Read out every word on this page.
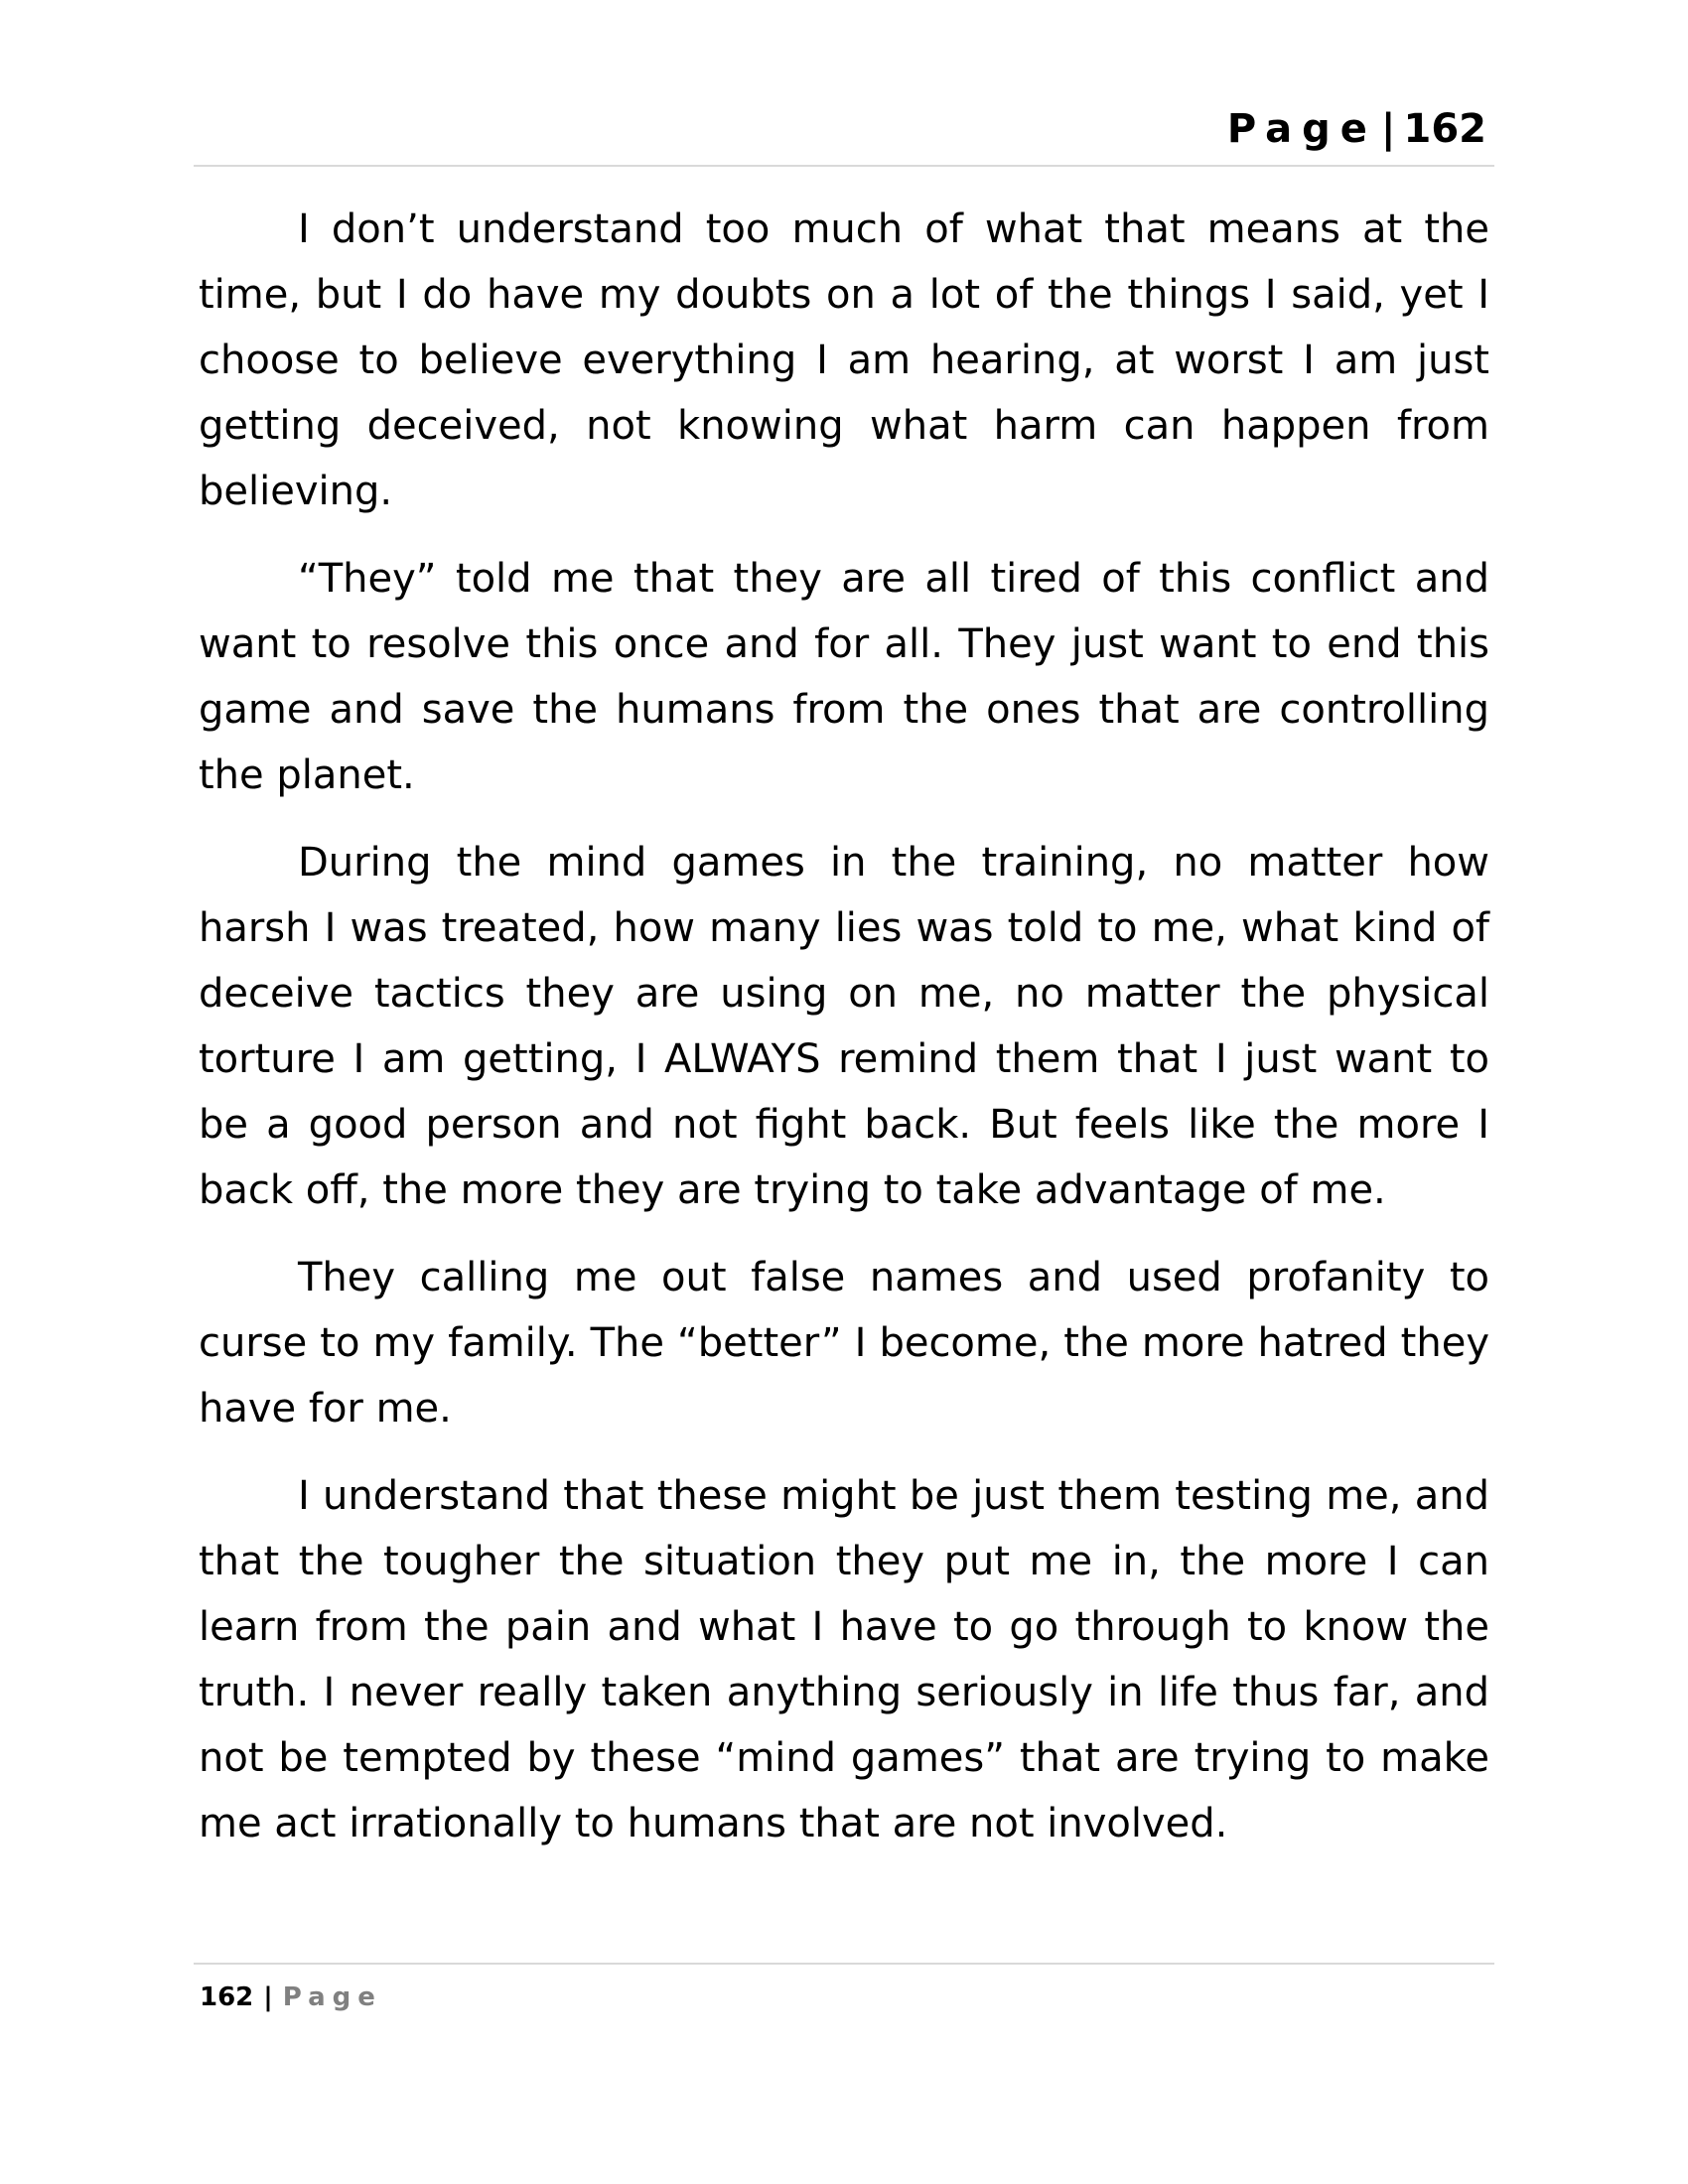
Page | 162

I don’t understand too much of what that means at the time, but I do have my doubts on a lot of the things I said, yet I choose to believe everything I am hearing, at worst I am just getting deceived, not knowing what harm can happen from believing.

“They” told me that they are all tired of this conflict and want to resolve this once and for all. They just want to end this game and save the humans from the ones that are controlling the planet.

During the mind games in the training, no matter how harsh I was treated, how many lies was told to me, what kind of deceive tactics they are using on me, no matter the physical torture I am getting, I ALWAYS remind them that I just want to be a good person and not fight back. But feels like the more I back off, the more they are trying to take advantage of me.

They calling me out false names and used profanity to curse to my family. The “better” I become, the more hatred they have for me.

I understand that these might be just them testing me, and that the tougher the situation they put me in, the more I can learn from the pain and what I have to go through to know the truth. I never really taken anything seriously in life thus far, and not be tempted by these “mind games” that are trying to make me act irrationally to humans that are not involved.

162 | Page
